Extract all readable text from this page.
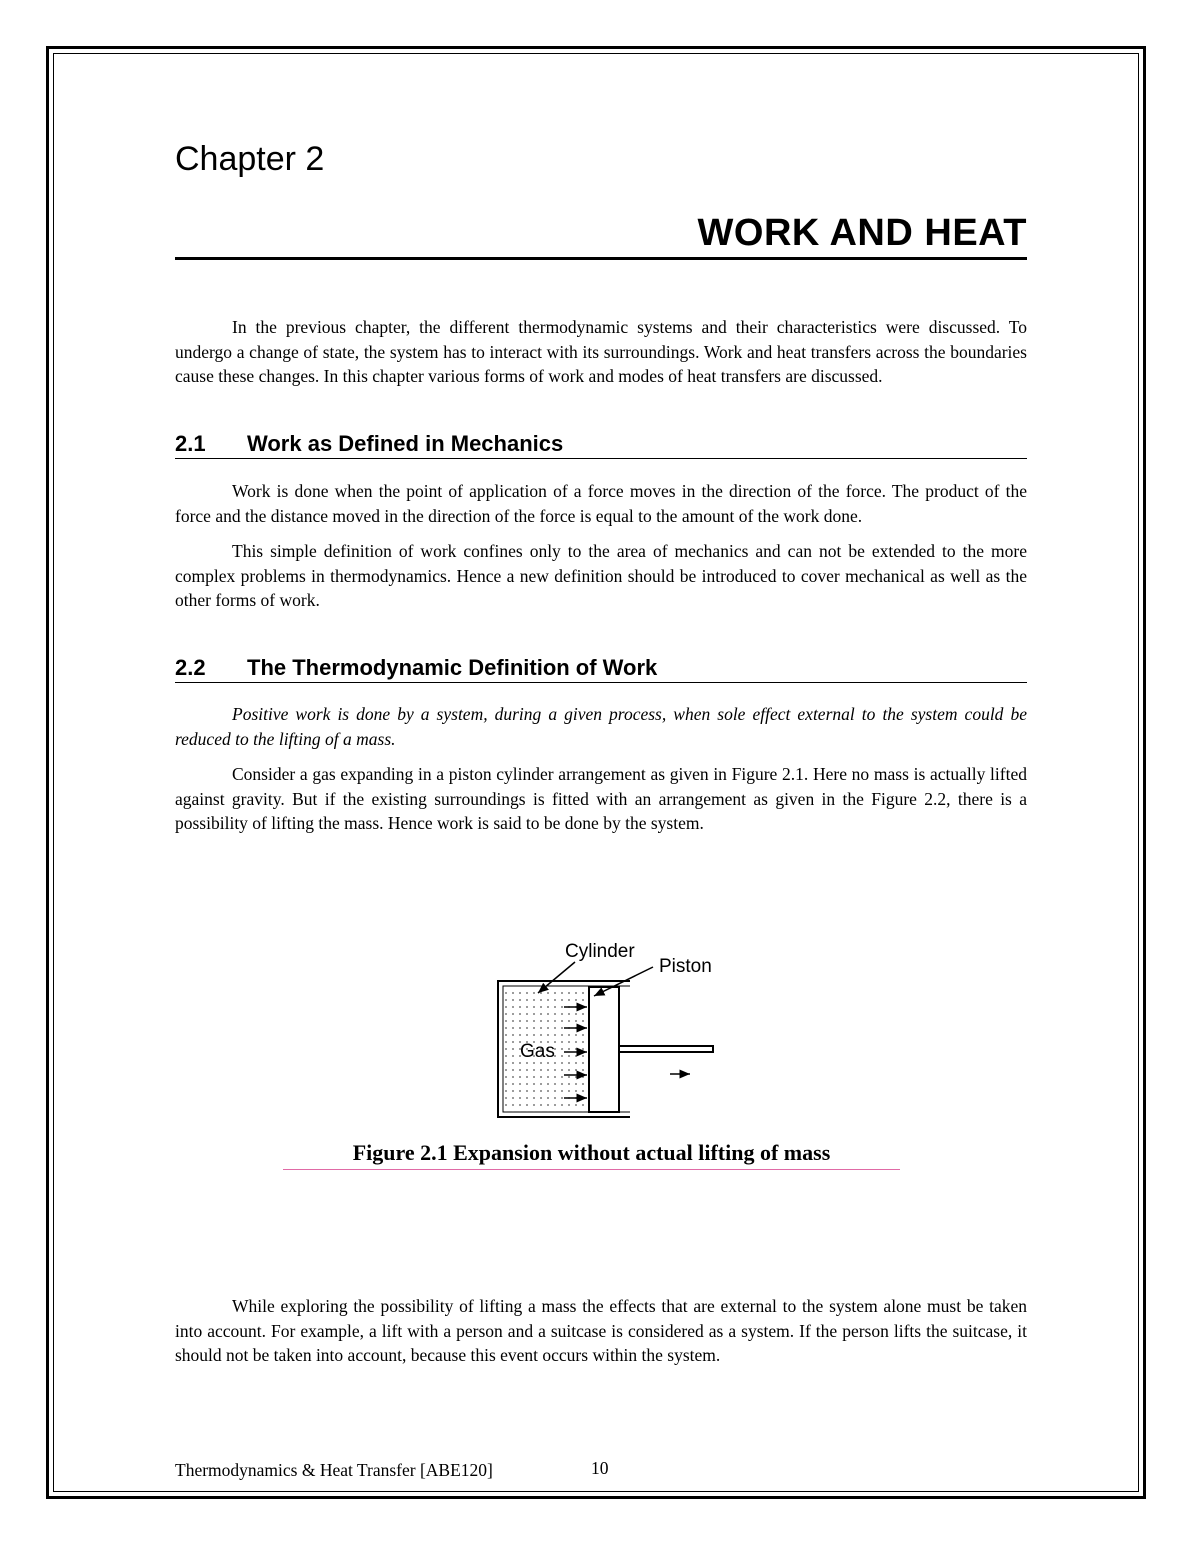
Chapter 2
WORK AND HEAT

In the previous chapter, the different thermodynamic systems and their characteristics were discussed. To undergo a change of state, the system has to interact with its surroundings. Work and heat transfers across the boundaries cause these changes. In this chapter various forms of work and modes of heat transfers are discussed.

2.1 Work as Defined in Mechanics

Work is done when the point of application of a force moves in the direction of the force. The product of the force and the distance moved in the direction of the force is equal to the amount of the work done.

This simple definition of work confines only to the area of mechanics and can not be extended to the more complex problems in thermodynamics. Hence a new definition should be introduced to cover mechanical as well as the other forms of work.

2.2 The Thermodynamic Definition of Work

Positive work is done by a system, during a given process, when sole effect external to the system could be reduced to the lifting of a mass.

Consider a gas expanding in a piston cylinder arrangement as given in Figure 2.1. Here no mass is actually lifted against gravity. But if the existing surroundings is fitted with an arrangement as given in the Figure 2.2, there is a possibility of lifting the mass. Hence work is said to be done by the system.

Cylinder
Piston
Gas
Figure 2.1 Expansion without actual lifting of mass

While exploring the possibility of lifting a mass the effects that are external to the system alone must be taken into account. For example, a lift with a person and a suitcase is considered as a system. If the person lifts the suitcase, it should not be taken into account, because this event occurs within the system.

Thermodynamics & Heat Transfer [ABE120]	10
